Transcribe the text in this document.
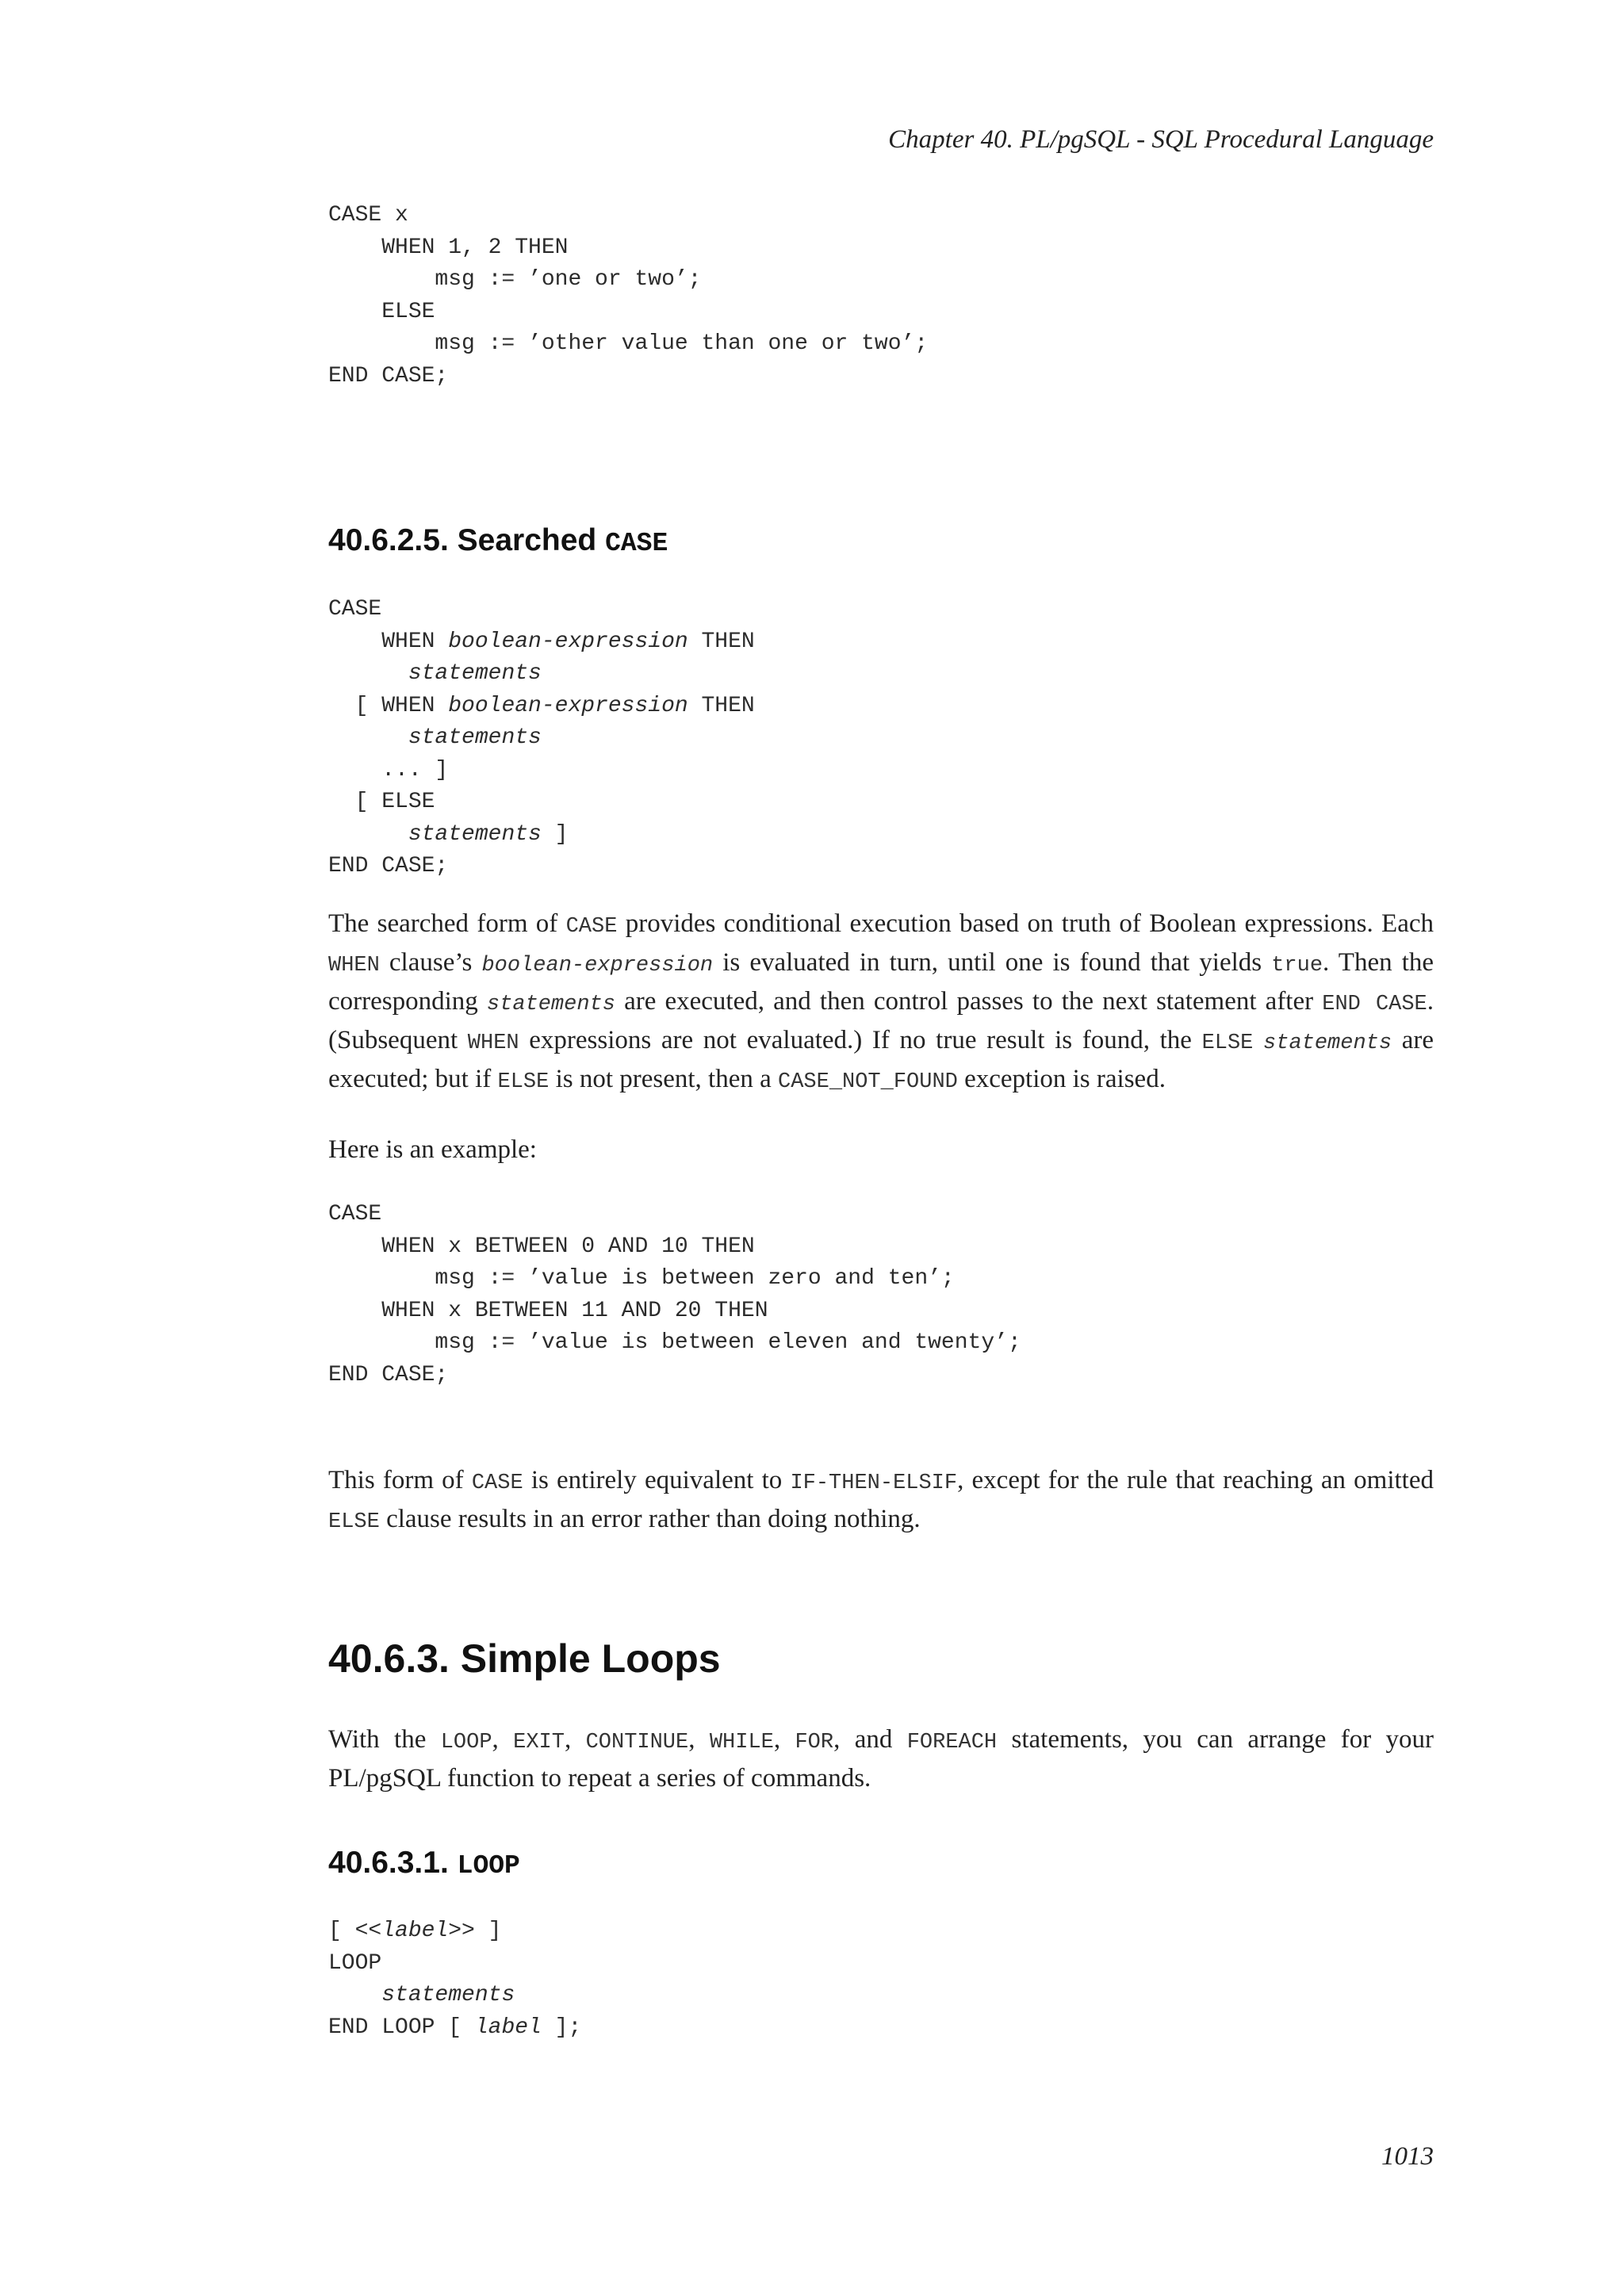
Chapter 40. PL/pgSQL - SQL Procedural Language
CASE x
WHEN 1, 2 THEN
msg := ’one or two’;
ELSE
msg := ’other value than one or two’;
END CASE;
40.6.2.5. Searched CASE
CASE
WHEN boolean-expression THEN
statements
[ WHEN boolean-expression THEN
statements
... ]
[ ELSE
statements ]
END CASE;

The searched form of CASE provides conditional execution based on truth of Boolean expressions. Each WHEN clause’s boolean-expression is evaluated in turn, until one is found that yields true. Then the corresponding statements are executed, and then control passes to the next statement after END CASE. (Subsequent WHEN expressions are not evaluated.) If no true result is found, the ELSE statements are executed; but if ELSE is not present, then a CASE_NOT_FOUND exception is raised.

Here is an example:

CASE
WHEN x BETWEEN 0 AND 10 THEN
msg := ’value is between zero and ten’;
WHEN x BETWEEN 11 AND 20 THEN
msg := ’value is between eleven and twenty’;
END CASE;

This form of CASE is entirely equivalent to IF-THEN-ELSIF, except for the rule that reaching an omitted ELSE clause results in an error rather than doing nothing.

40.6.3. Simple Loops

With the LOOP, EXIT, CONTINUE, WHILE, FOR, and FOREACH statements, you can arrange for your PL/pgSQL function to repeat a series of commands.

40.6.3.1. LOOP
[ <<label>> ]
LOOP
statements
END LOOP [ label ];
1013
